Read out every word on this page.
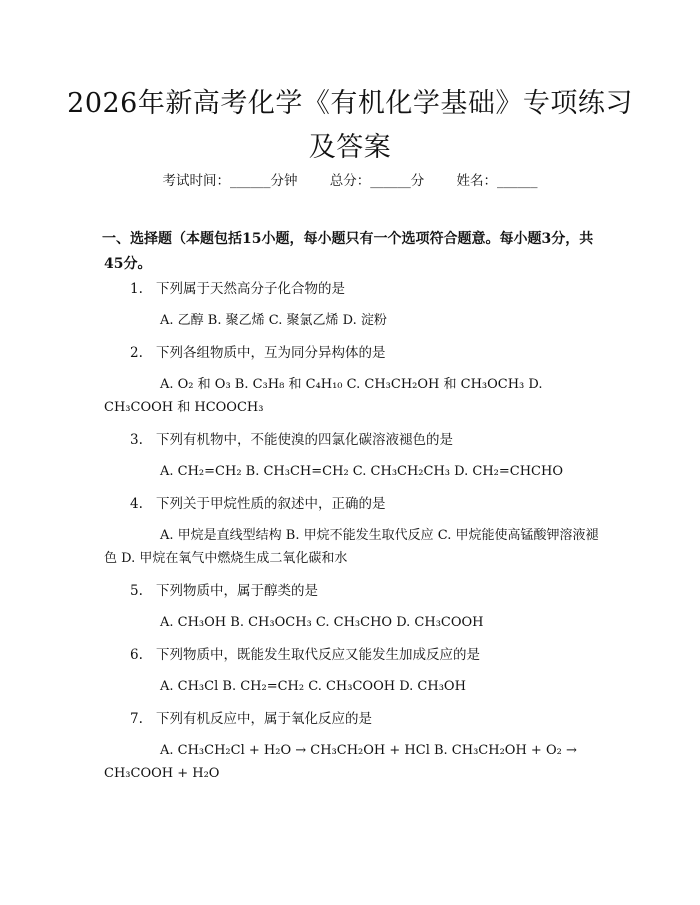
2026年新高考化学《有机化学基础》专项练习及答案
考试时间：______分钟 总分：______分 姓名：______
一、选择题（本题包括15小题，每小题只有一个选项符合题意。每小题3分，共45分。
1. 下列属于天然高分子化合物的是
A. 乙醇 B. 聚乙烯 C. 聚氯乙烯 D. 淀粉
2. 下列各组物质中，互为同分异构体的是
A. O₂ 和 O₃ B. C₃H₈ 和 C₄H₁₀ C. CH₃CH₂OH 和 CH₃OCH₃ D. CH₃COOH 和 HCOOCH₃
3. 下列有机物中，不能使溴的四氯化碳溶液褪色的是
A. CH₂=CH₂ B. CH₃CH=CH₂ C. CH₃CH₂CH₃ D. CH₂=CHCHO
4. 下列关于甲烷性质的叙述中，正确的是
A. 甲烷是直线型结构 B. 甲烷不能发生取代反应 C. 甲烷能使高锰酸钾溶液褪色 D. 甲烷在氧气中燃烧生成二氧化碳和水
5. 下列物质中，属于醇类的是
A. CH₃OH B. CH₃OCH₃ C. CH₃CHO D. CH₃COOH
6. 下列物质中，既能发生取代反应又能发生加成反应的是
A. CH₃Cl B. CH₂=CH₂ C. CH₃COOH D. CH₃OH
7. 下列有机反应中，属于氧化反应的是
A. CH₃CH₂Cl + H₂O → CH₃CH₂OH + HCl B. CH₃CH₂OH + O₂ → CH₃COOH + H₂O
